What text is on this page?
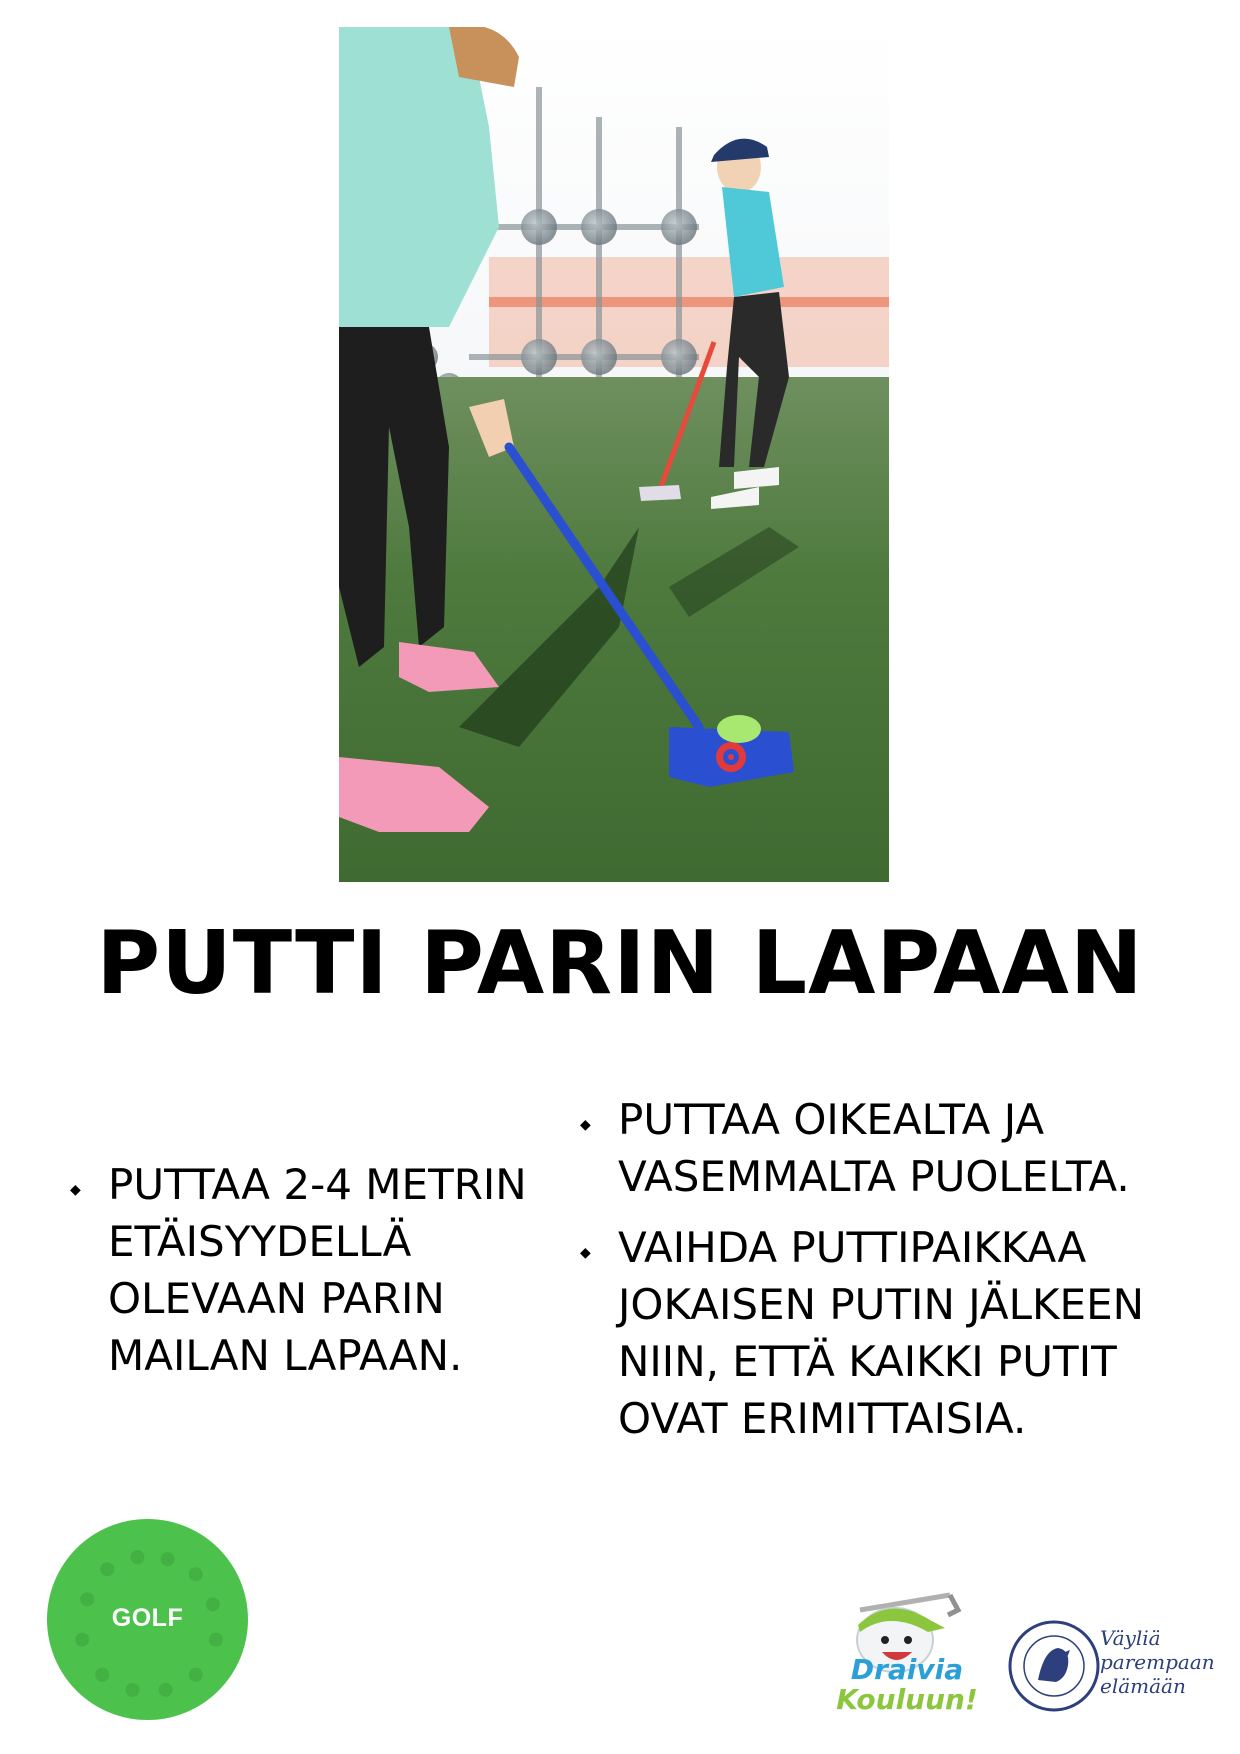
PUTTI PARIN LAPAAN
◆ PUTTAA 2-4 METRIN ETÄISYYDELLÄ OLEVAAN PARIN MAILAN LAPAAN.
◆ PUTTAA OIKEALTA JA VASEMMALTA PUOLELTA.
◆ VAIHDA PUTTIPAIKKAA JOKAISEN PUTIN JÄLKEEN NIIN, ETTÄ KAIKKI PUTIT OVAT ERIMITTAISIA.
GOLF
Draivia
Kouluun!
Väyliä
parempaan
elämään
